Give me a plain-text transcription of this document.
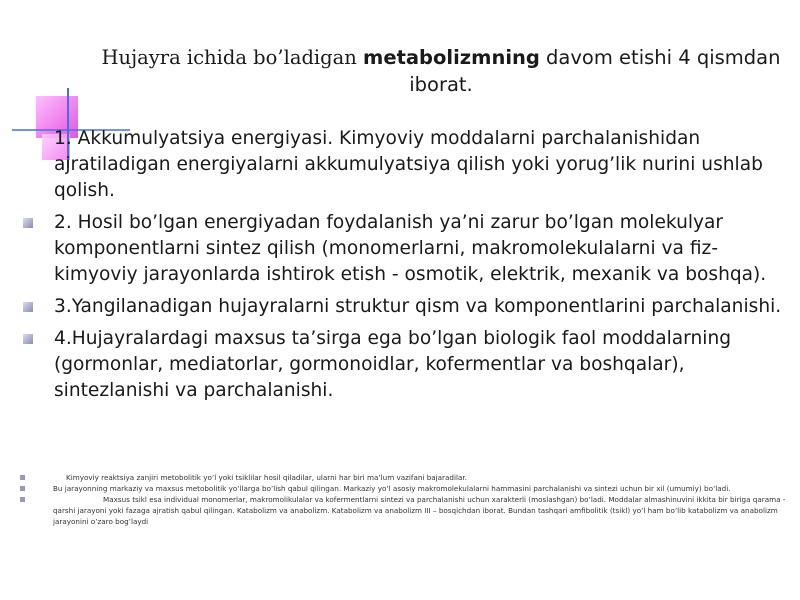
Hujayra ichida bo’ladigan metabolizmning davom etishi 4 qismdan iborat.
1. Akkumulyatsiya energiyasi. Kimyoviy moddalarni parchalanishidan ajratiladigan energiyalarni akkumulyatsiya qilish yoki yorug’lik nurini ushlab qolish.
2. Hosil bo’lgan energiyadan foydalanish ya’ni zarur bo’lgan molekulyar komponentlarni sintez qilish (monomerlarni, makromolekulalarni va fiz-kimyoviy jarayonlarda ishtirok etish - osmotik, elektrik, mexanik va boshqa).
3.Yangilanadigan hujayralarni struktur qism va komponentlarini parchalanishi.
4.Hujayralardagi maxsus ta’sirga ega bo’lgan biologik faol moddalarning (gormonlar, mediatorlar, gormonoidlar, kofermentlar va boshqalar), sintezlanishi va parchalanishi.
Kimyoviy reaktsiya zanjiri metobolitik yo’l yoki tsiklilar hosil qiladilar, ularni har biri ma’lum vazifani bajaradilar.
Bu jarayonning markaziy va maxsus metobolitik yo’llarga bo’lish qabul qilingan. Markaziy yo’l asosiy makromolekulalarni hammasini parchalanishi va sintezi uchun bir xil (umumiy) bo’ladi.
Maxsus tsikl esa individual monomerlar, makromolikulalar va kofermentlarni sintezi va parchalanishi uchun xarakterli (moslashgan) bo’ladi. Moddalar almashinuvini ikkita bir biriga qarama - qarshi jarayoni yoki fazaga ajratish qabul qilingan. Katabolizm va anabolizm. Katabolizm va anabolizm III – bosqichdan iborat. Bundan tashqari amfibolitik (tsikl) yo’l ham bo’lib katabolizm va anabolizm jarayonini o’zaro bog’laydi
